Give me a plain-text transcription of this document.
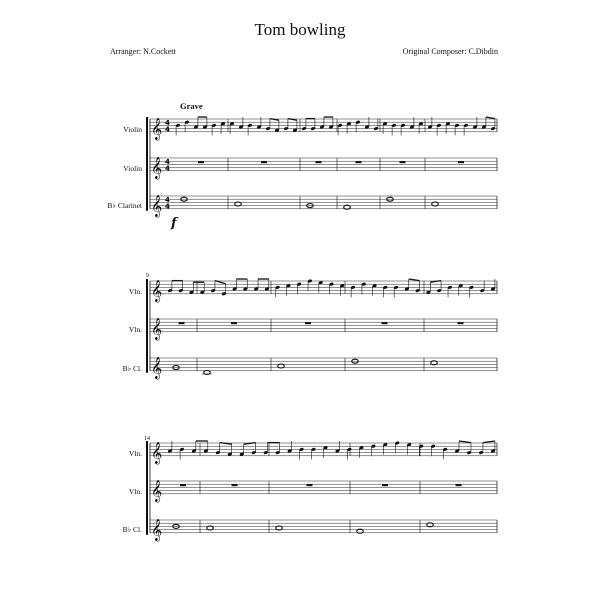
Tom bowling
Arranger: N.Cockett	Original Composer: C.Dibdin
Grave
f
Violin
Violin
B♭ Clarinet
Vln.
Vln.
B♭ Cl.
Vln.
Vln.
B♭ Cl.
9
14
𝄞 4
4
𝄞 4
4
𝄞 4
4
𝄞
𝄞
𝄞
𝄞
𝄞
𝄞
